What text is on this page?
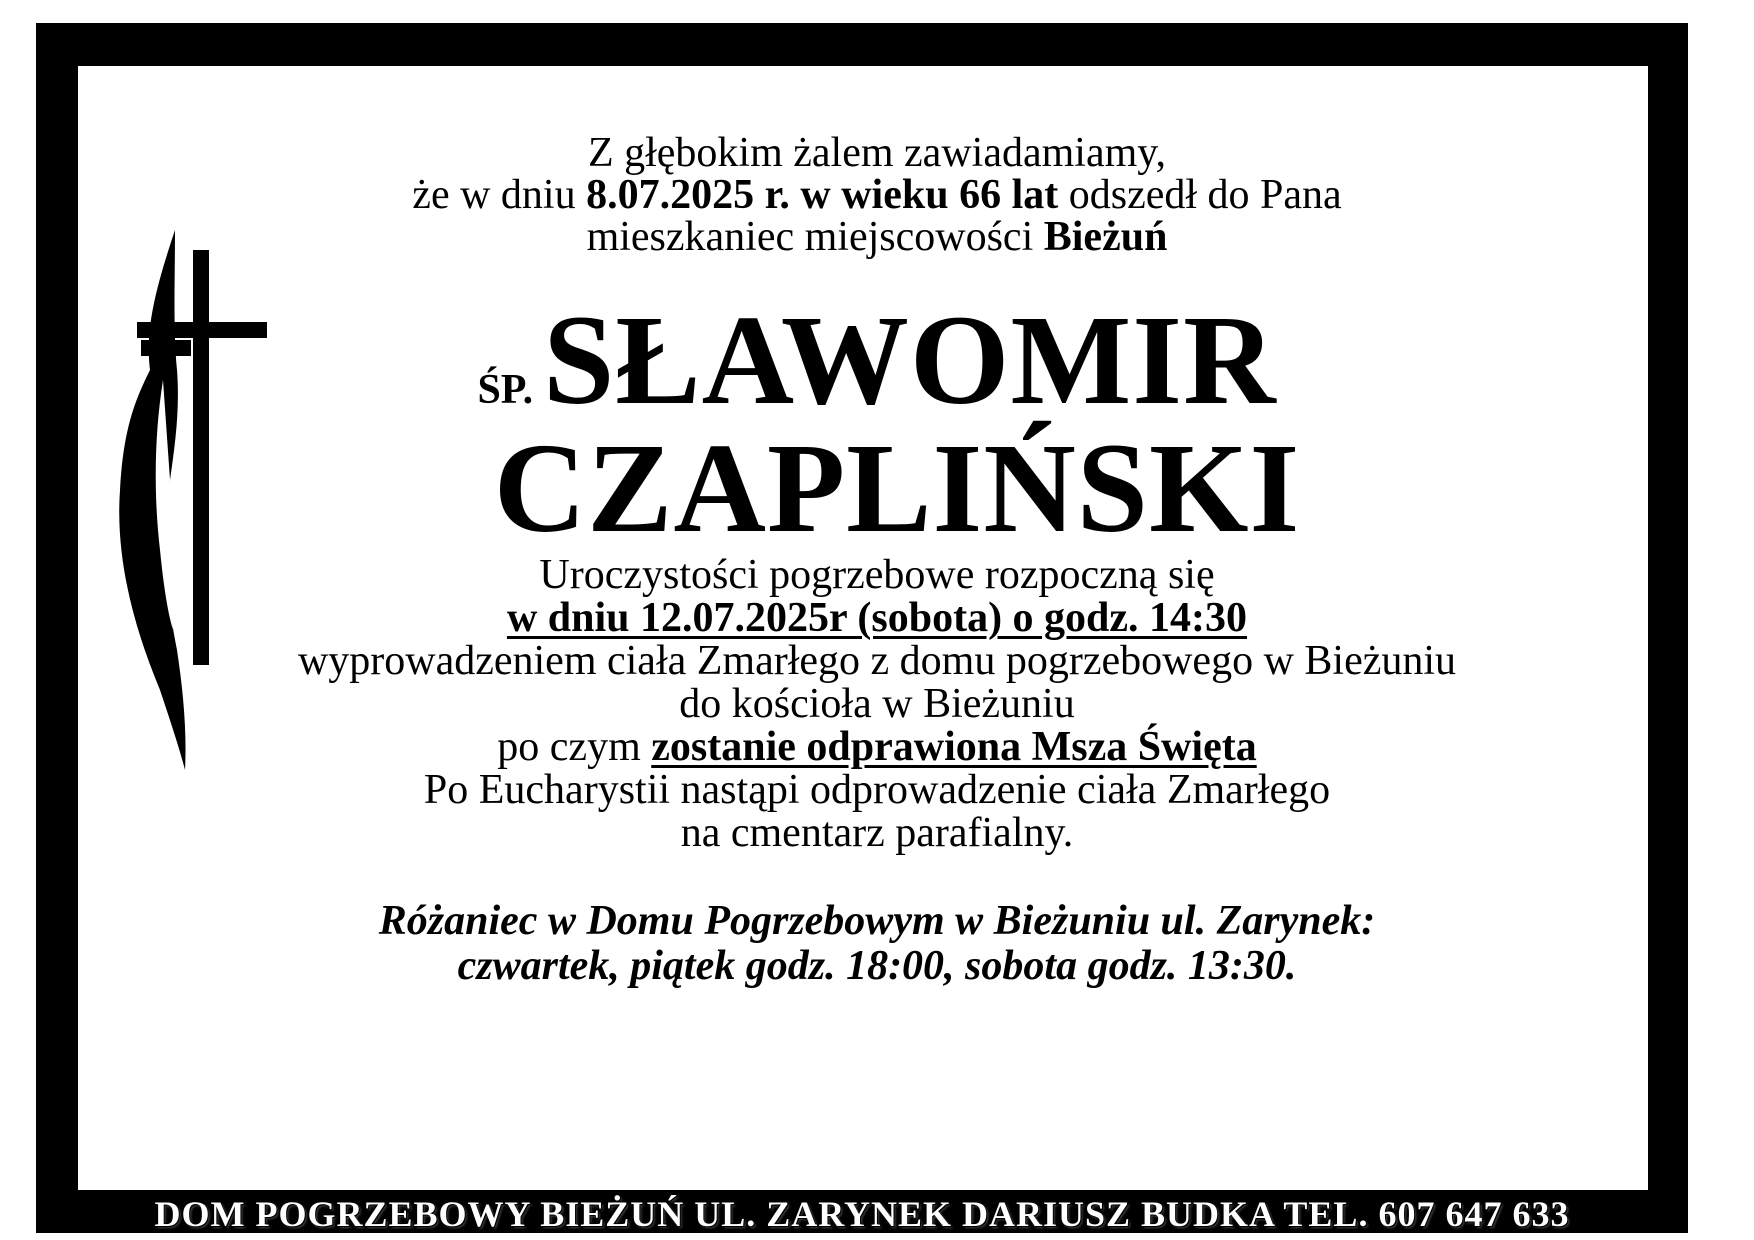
Z głębokim żalem zawiadamiamy,
że w dniu 8.07.2025 r. w wieku 66 lat odszedł do Pana
mieszkaniec miejscowości Bieżuń
ŚP.SŁAWOMIR
CZAPLIŃSKI
Uroczystości pogrzebowe rozpoczną się
w dniu 12.07.2025r (sobota) o godz. 14:30
wyprowadzeniem ciała Zmarłego z domu pogrzebowego w Bieżuniu
do kościoła w Bieżuniu
po czym zostanie odprawiona Msza Święta
Po Eucharystii nastąpi odprowadzenie ciała Zmarłego
na cmentarz parafialny.
Różaniec w Domu Pogrzebowym w Bieżuniu ul. Zarynek:
czwartek, piątek godz. 18:00, sobota godz. 13:30.
DOM POGRZEBOWY BIEŻUŃ UL. ZARYNEK DARIUSZ BUDKA TEL. 607 647 633
